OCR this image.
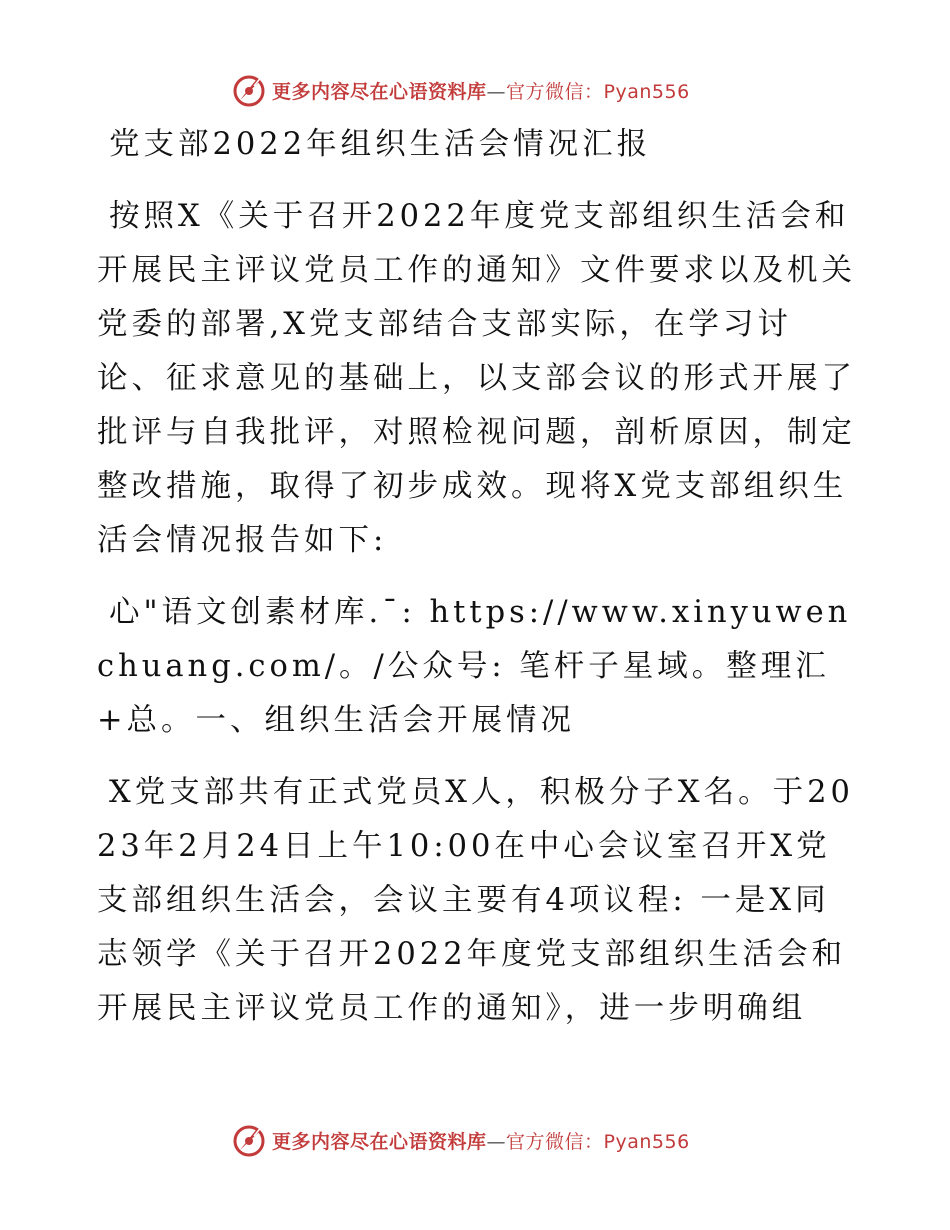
更多内容尽在心语资料库—官方微信：Pyan556

党支部2022年组织生活会情况汇报

按照X《关于召开2022年度党支部组织生活会和开展民主评议党员工作的通知》文件要求以及机关党委的部署,X党支部结合支部实际，在学习讨论、征求意见的基础上，以支部会议的形式开展了批评与自我批评，对照检视问题，剖析原因，制定整改措施，取得了初步成效。现将X党支部组织生活会情况报告如下:

心"语文创素材库.¯: https://www.xinyuwenchuang.com/。/公众号: 笔杆子星域。整理汇+总。一、组织生活会开展情况

X党支部共有正式党员X人，积极分子X名。于2023年2月24日上午10:00在中心会议室召开X党支部组织生活会，会议主要有4项议程: 一是X同志领学《关于召开2022年度党支部组织生活会和开展民主评议党员工作的通知》，进一步明确组

更多内容尽在心语资料库—官方微信：Pyan556
